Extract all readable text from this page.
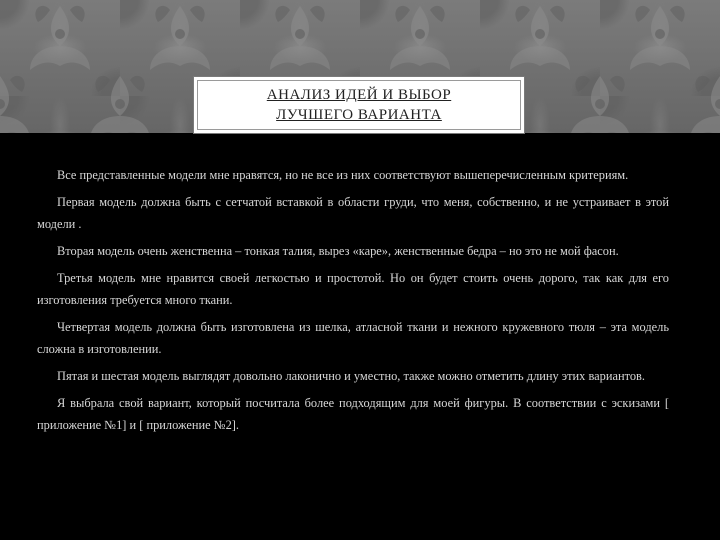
АНАЛИЗ ИДЕЙ И ВЫБОР
ЛУЧШЕГО ВАРИАНТА

Все представленные модели мне нравятся, но не все из них соответствуют вышеперечисленным критериям.

Первая модель должна быть с сетчатой вставкой в области груди, что меня, собственно, и не устраивает в этой модели .

Вторая модель очень женственна – тонкая талия, вырез «каре», женственные бедра – но это не мой фасон.

Третья модель мне нравится своей легкостью и простотой. Но он будет стоить очень дорого, так как для его изготовления требуется много ткани.

Четвертая модель должна быть изготовлена из шелка, атласной ткани и нежного кружевного тюля – эта модель сложна в изготовлении.

Пятая и шестая модель выглядят довольно лаконично и уместно, также можно отметить длину этих вариантов.

Я выбрала свой вариант, который посчитала более подходящим для моей фигуры. В соответствии с эскизами [ приложение №1] и [ приложение №2].
